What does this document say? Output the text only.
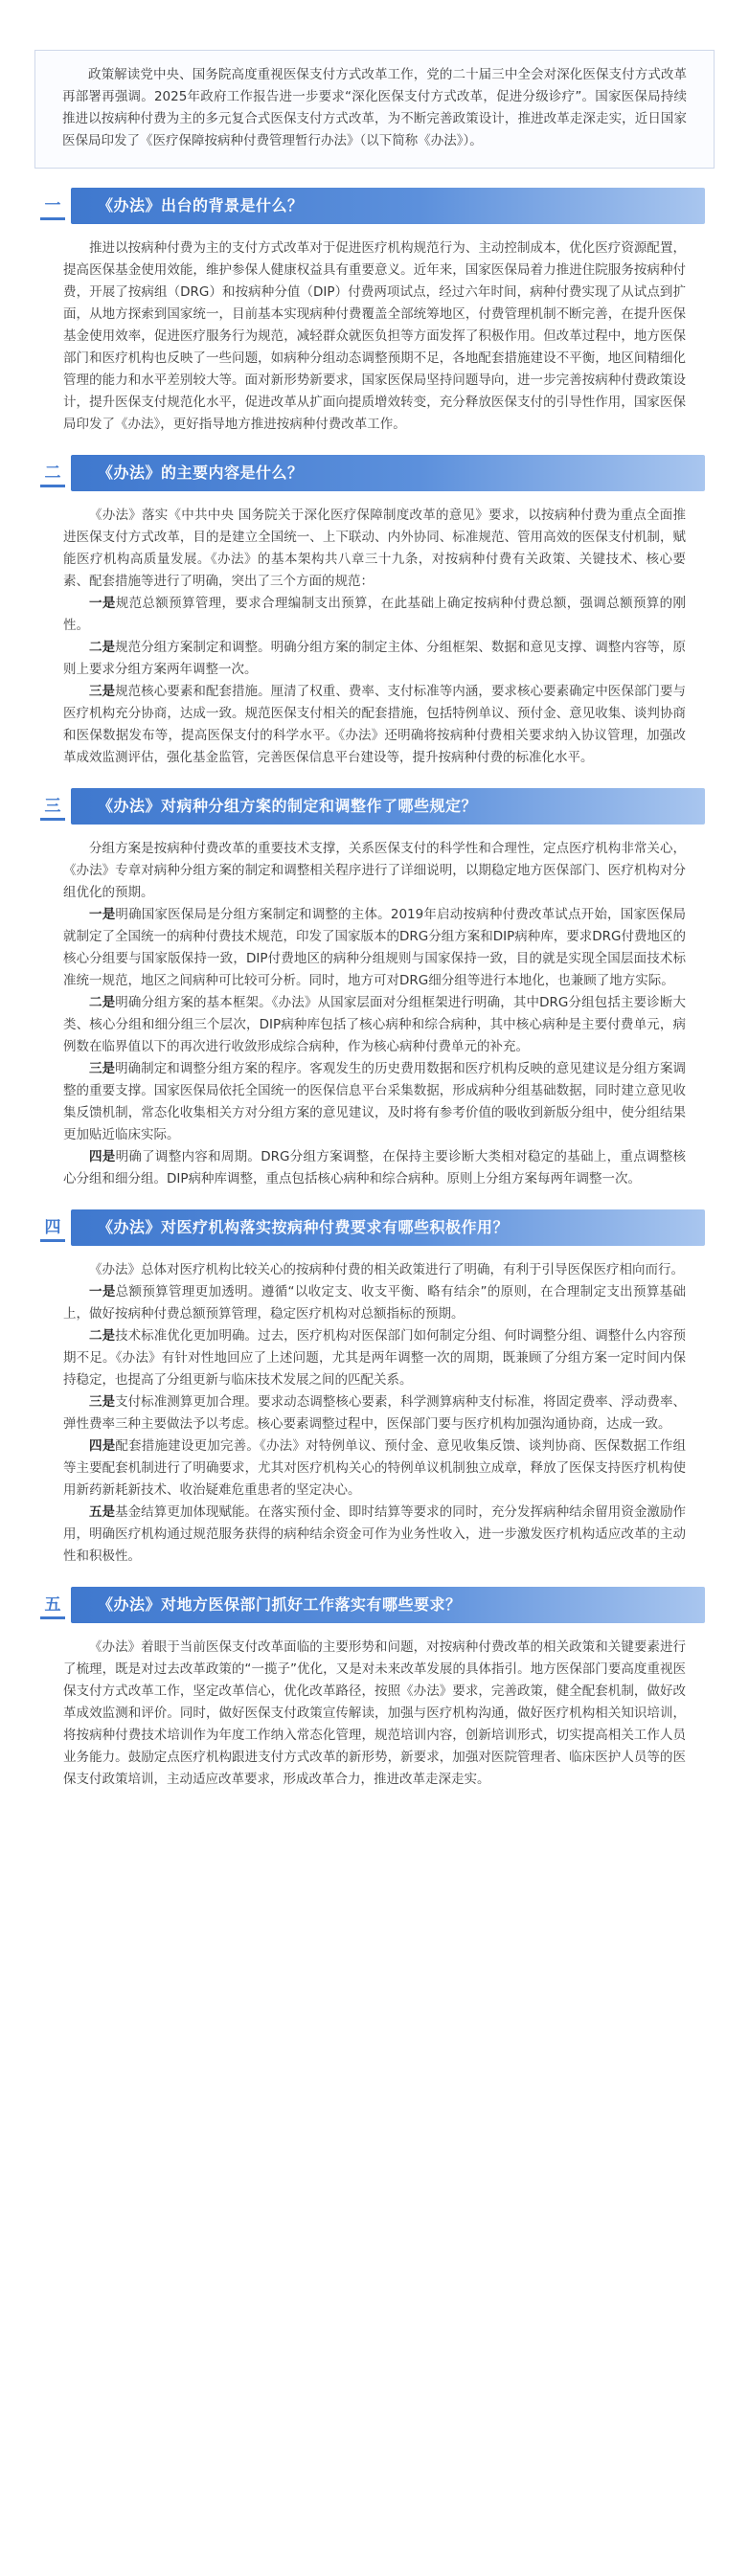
政策解读党中央、国务院高度重视医保支付方式改革工作，党的二十届三中全会对深化医保支付方式改革再部署再强调。2025年政府工作报告进一步要求“深化医保支付方式改革，促进分级诊疗”。国家医保局持续推进以按病种付费为主的多元复合式医保支付方式改革，为不断完善政策设计，推进改革走深走实，近日国家医保局印发了《医疗保障按病种付费管理暂行办法》（以下简称《办法》）。

一	《办法》出台的背景是什么？

推进以按病种付费为主的支付方式改革对于促进医疗机构规范行为、主动控制成本，优化医疗资源配置，提高医保基金使用效能，维护参保人健康权益具有重要意义。近年来，国家医保局着力推进住院服务按病种付费，开展了按病组（DRG）和按病种分值（DIP）付费两项试点，经过六年时间，病种付费实现了从试点到扩面，从地方探索到国家统一，目前基本实现病种付费覆盖全部统筹地区，付费管理机制不断完善，在提升医保基金使用效率，促进医疗服务行为规范，减轻群众就医负担等方面发挥了积极作用。但改革过程中，地方医保部门和医疗机构也反映了一些问题，如病种分组动态调整预期不足，各地配套措施建设不平衡，地区间精细化管理的能力和水平差别较大等。面对新形势新要求，国家医保局坚持问题导向，进一步完善按病种付费政策设计，提升医保支付规范化水平，促进改革从扩面向提质增效转变，充分释放医保支付的引导性作用，国家医保局印发了《办法》，更好指导地方推进按病种付费改革工作。

二	《办法》的主要内容是什么？

《办法》落实《中共中央 国务院关于深化医疗保障制度改革的意见》要求，以按病种付费为重点全面推进医保支付方式改革，目的是建立全国统一、上下联动、内外协同、标准规范、管用高效的医保支付机制，赋能医疗机构高质量发展。《办法》的基本架构共八章三十九条，对按病种付费有关政策、关键技术、核心要素、配套措施等进行了明确，突出了三个方面的规范：

一是规范总额预算管理，要求合理编制支出预算，在此基础上确定按病种付费总额，强调总额预算的刚性。

二是规范分组方案制定和调整。明确分组方案的制定主体、分组框架、数据和意见支撑、调整内容等，原则上要求分组方案两年调整一次。

三是规范核心要素和配套措施。厘清了权重、费率、支付标准等内涵，要求核心要素确定中医保部门要与医疗机构充分协商，达成一致。规范医保支付相关的配套措施，包括特例单议、预付金、意见收集、谈判协商和医保数据发布等，提高医保支付的科学水平。《办法》还明确将按病种付费相关要求纳入协议管理，加强改革成效监测评估，强化基金监管，完善医保信息平台建设等，提升按病种付费的标准化水平。

三	《办法》对病种分组方案的制定和调整作了哪些规定？

分组方案是按病种付费改革的重要技术支撑，关系医保支付的科学性和合理性，定点医疗机构非常关心，《办法》专章对病种分组方案的制定和调整相关程序进行了详细说明，以期稳定地方医保部门、医疗机构对分组优化的预期。

一是明确国家医保局是分组方案制定和调整的主体。2019年启动按病种付费改革试点开始，国家医保局就制定了全国统一的病种付费技术规范，印发了国家版本的DRG分组方案和DIP病种库，要求DRG付费地区的核心分组要与国家版保持一致，DIP付费地区的病种分组规则与国家保持一致，目的就是实现全国层面技术标准统一规范，地区之间病种可比较可分析。同时，地方可对DRG细分组等进行本地化，也兼顾了地方实际。

二是明确分组方案的基本框架。《办法》从国家层面对分组框架进行明确，其中DRG分组包括主要诊断大类、核心分组和细分组三个层次，DIP病种库包括了核心病种和综合病种，其中核心病种是主要付费单元，病例数在临界值以下的再次进行收敛形成综合病种，作为核心病种付费单元的补充。

三是明确制定和调整分组方案的程序。客观发生的历史费用数据和医疗机构反映的意见建议是分组方案调整的重要支撑。国家医保局依托全国统一的医保信息平台采集数据，形成病种分组基础数据，同时建立意见收集反馈机制，常态化收集相关方对分组方案的意见建议，及时将有参考价值的吸收到新版分组中，使分组结果更加贴近临床实际。

四是明确了调整内容和周期。DRG分组方案调整，在保持主要诊断大类相对稳定的基础上，重点调整核心分组和细分组。DIP病种库调整，重点包括核心病种和综合病种。原则上分组方案每两年调整一次。

四	《办法》对医疗机构落实按病种付费要求有哪些积极作用？

《办法》总体对医疗机构比较关心的按病种付费的相关政策进行了明确，有利于引导医保医疗相向而行。

一是总额预算管理更加透明。遵循“以收定支、收支平衡、略有结余”的原则，在合理制定支出预算基础上，做好按病种付费总额预算管理，稳定医疗机构对总额指标的预期。

二是技术标准优化更加明确。过去，医疗机构对医保部门如何制定分组、何时调整分组、调整什么内容预期不足。《办法》有针对性地回应了上述问题，尤其是两年调整一次的周期，既兼顾了分组方案一定时间内保持稳定，也提高了分组更新与临床技术发展之间的匹配关系。

三是支付标准测算更加合理。要求动态调整核心要素，科学测算病种支付标准，将固定费率、浮动费率、弹性费率三种主要做法予以考虑。核心要素调整过程中，医保部门要与医疗机构加强沟通协商，达成一致。

四是配套措施建设更加完善。《办法》对特例单议、预付金、意见收集反馈、谈判协商、医保数据工作组等主要配套机制进行了明确要求，尤其对医疗机构关心的特例单议机制独立成章，释放了医保支持医疗机构使用新药新耗新技术、收治疑难危重患者的坚定决心。

五是基金结算更加体现赋能。在落实预付金、即时结算等要求的同时，充分发挥病种结余留用资金激励作用，明确医疗机构通过规范服务获得的病种结余资金可作为业务性收入，进一步激发医疗机构适应改革的主动性和积极性。

五	《办法》对地方医保部门抓好工作落实有哪些要求？

《办法》着眼于当前医保支付改革面临的主要形势和问题，对按病种付费改革的相关政策和关键要素进行了梳理，既是对过去改革政策的“一揽子”优化，又是对未来改革发展的具体指引。地方医保部门要高度重视医保支付方式改革工作，坚定改革信心，优化改革路径，按照《办法》要求，完善政策，健全配套机制，做好改革成效监测和评价。同时，做好医保支付政策宣传解读，加强与医疗机构沟通，做好医疗机构相关知识培训，将按病种付费技术培训作为年度工作纳入常态化管理，规范培训内容，创新培训形式，切实提高相关工作人员业务能力。鼓励定点医疗机构跟进支付方式改革的新形势，新要求，加强对医院管理者、临床医护人员等的医保支付政策培训，主动适应改革要求，形成改革合力，推进改革走深走实。
